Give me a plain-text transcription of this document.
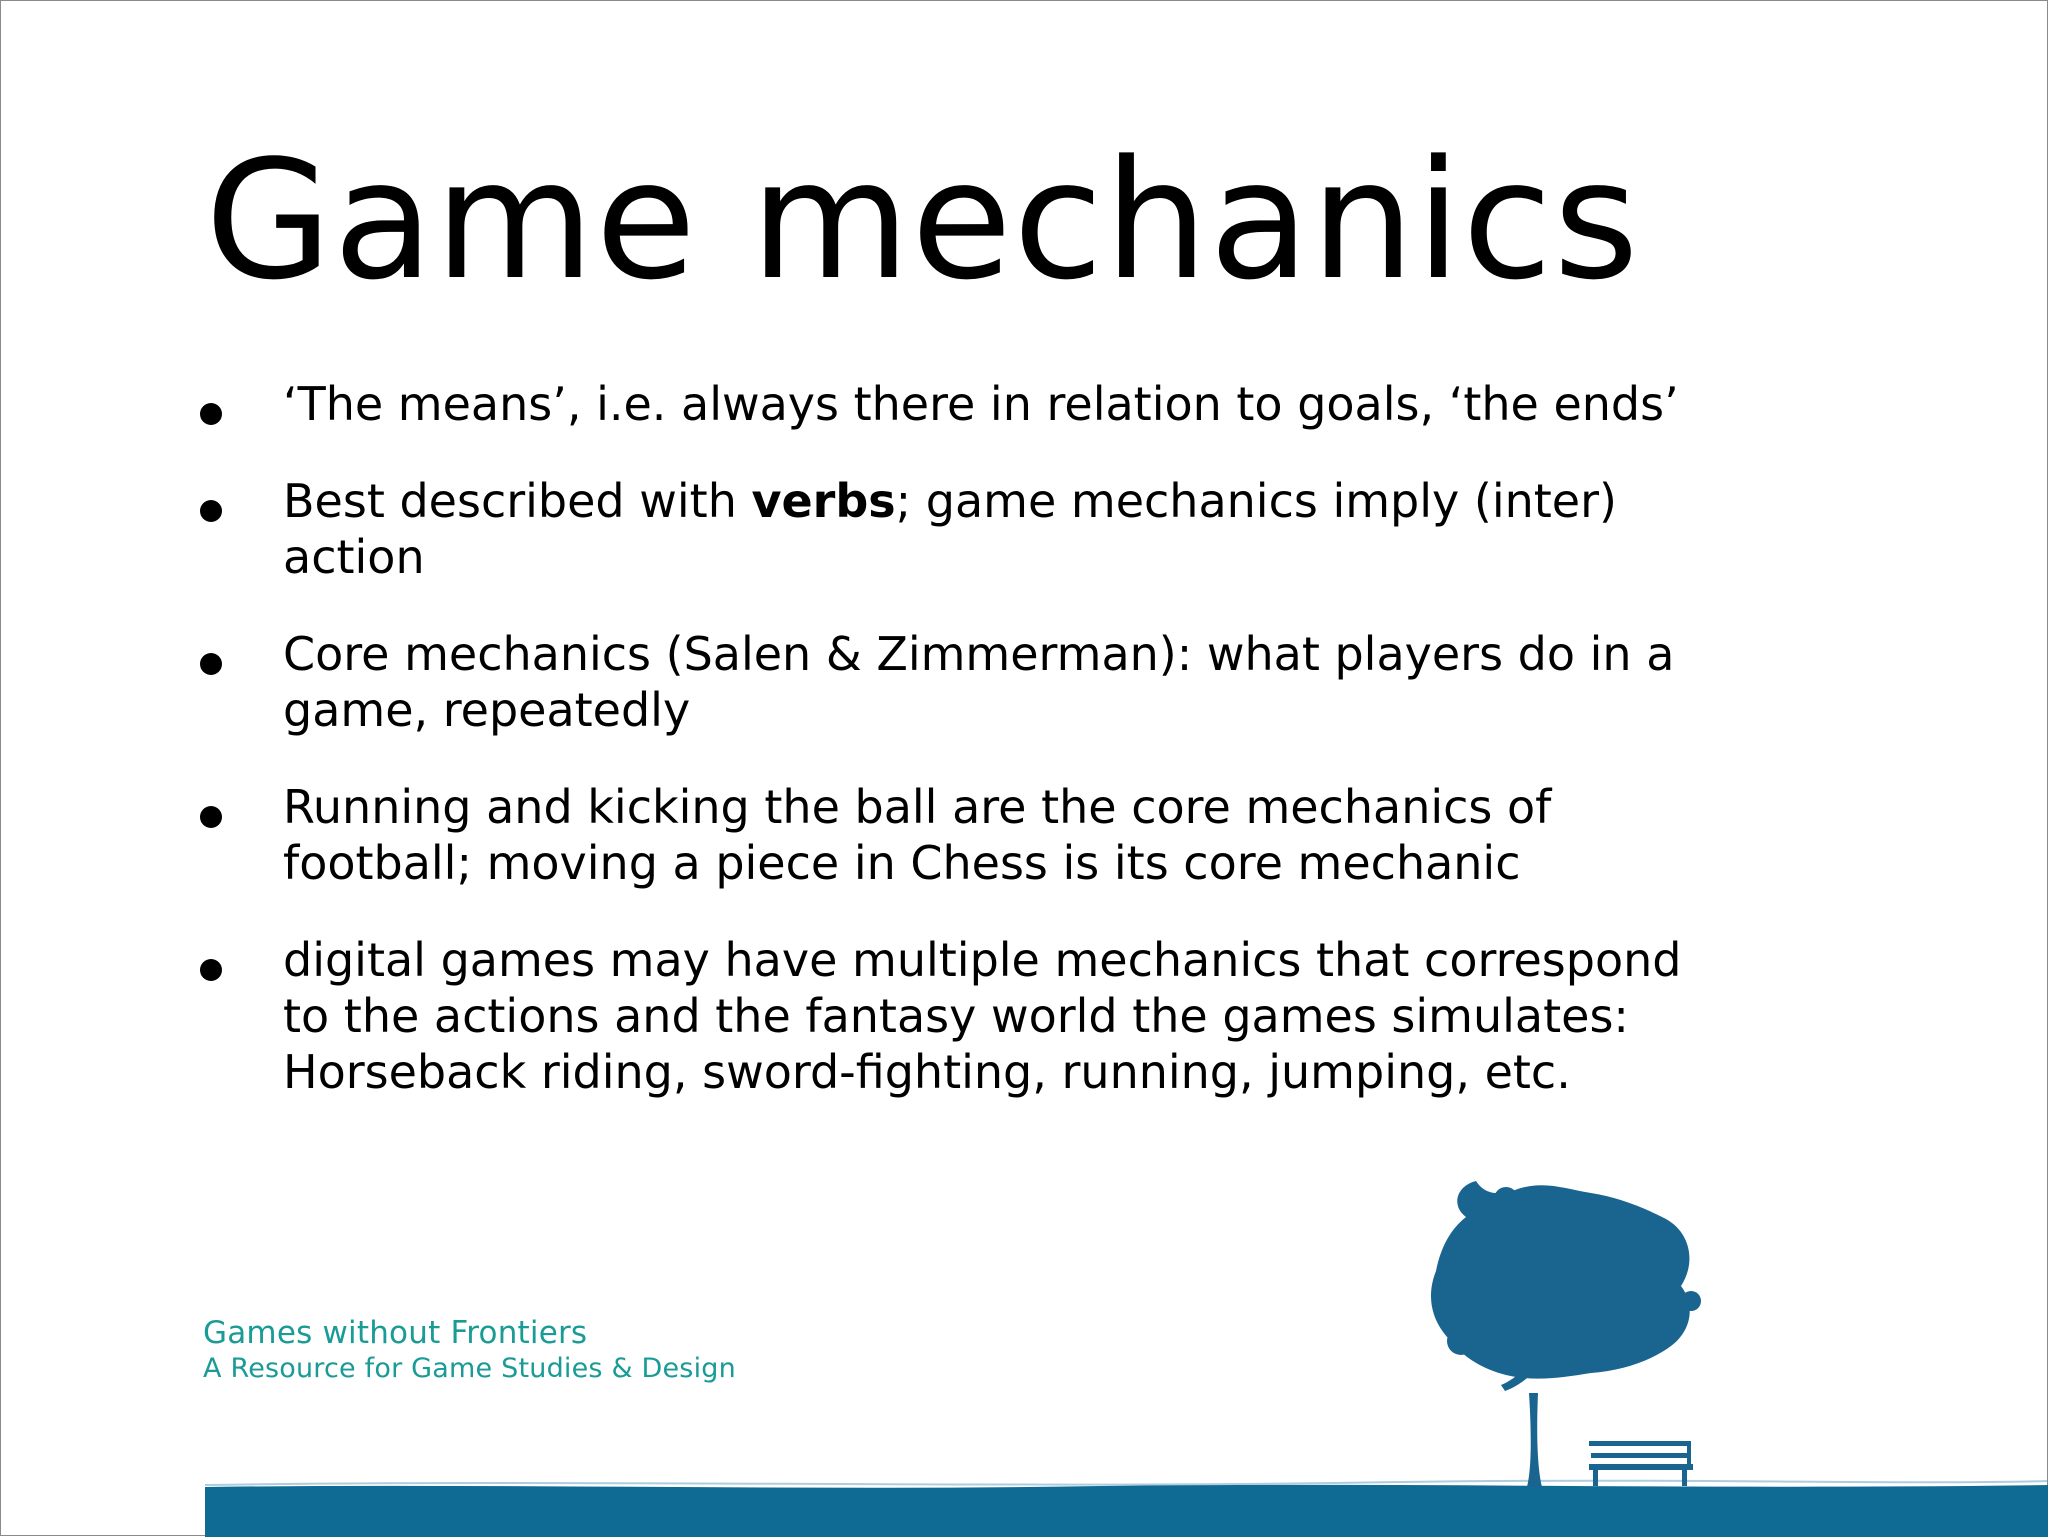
Game mechanics
‘The means’, i.e. always there in relation to goals, ‘the ends’
Best described with verbs; game mechanics imply (inter) action
Core mechanics (Salen & Zimmerman): what players do in a game, repeatedly
Running and kicking the ball are the core mechanics of football; moving a piece in Chess is its core mechanic
digital games may have multiple mechanics that correspond to the actions and the fantasy world the games simulates: Horseback riding, sword-fighting, running, jumping, etc.
Games without Frontiers
A Resource for Game Studies & Design
